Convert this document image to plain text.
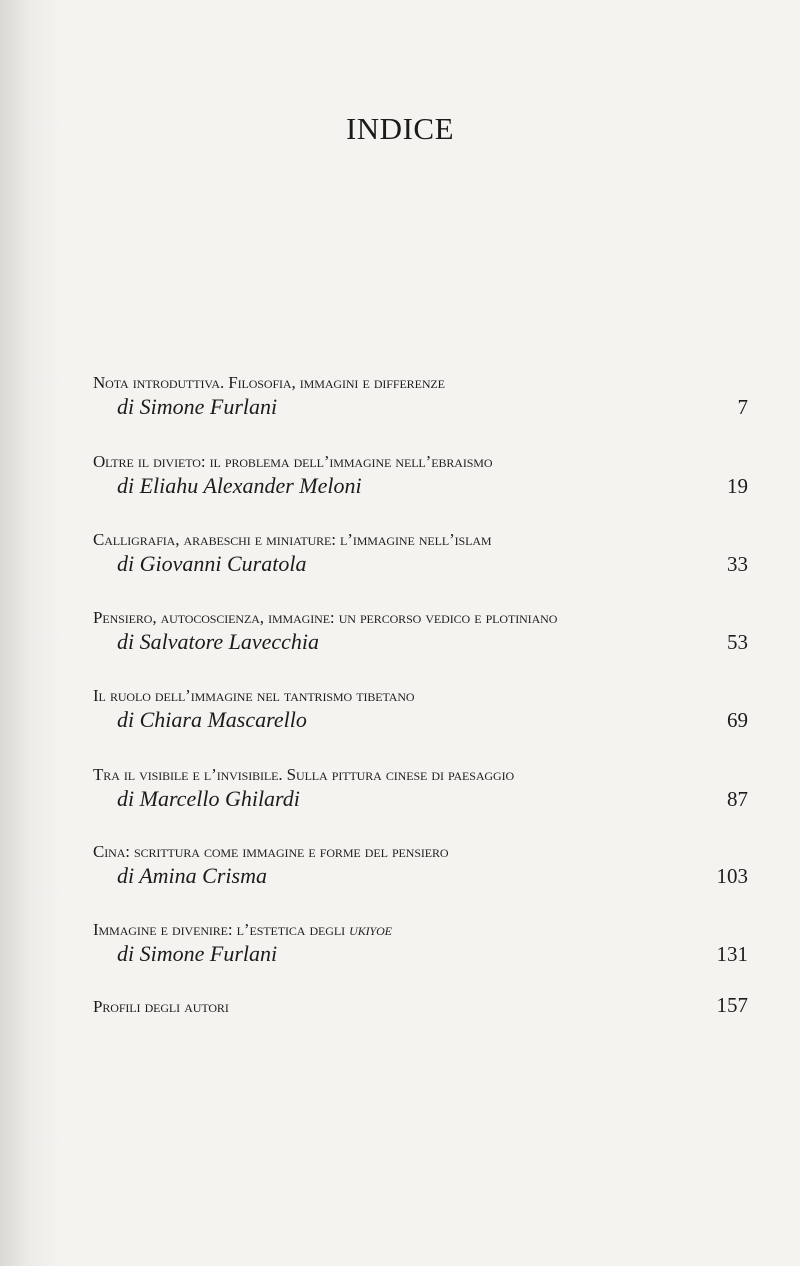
INDICE
Nota introduttiva. Filosofia, immagini e differenze
di Simone Furlani	7
Oltre il divieto: il problema dell’immagine nell’ebraismo
di Eliahu Alexander Meloni	19
Calligrafia, arabeschi e miniature: l’immagine nell’islam
di Giovanni Curatola	33
Pensiero, autocoscienza, immagine: un percorso vedico e plotiniano
di Salvatore Lavecchia	53
Il ruolo dell’immagine nel tantrismo tibetano
di Chiara Mascarello	69
Tra il visibile e l’invisibile. Sulla pittura cinese di paesaggio
di Marcello Ghilardi	87
Cina: scrittura come immagine e forme del pensiero
di Amina Crisma	103
Immagine e divenire: l’estetica degli ukiyoe
di Simone Furlani	131
Profili degli autori	157
